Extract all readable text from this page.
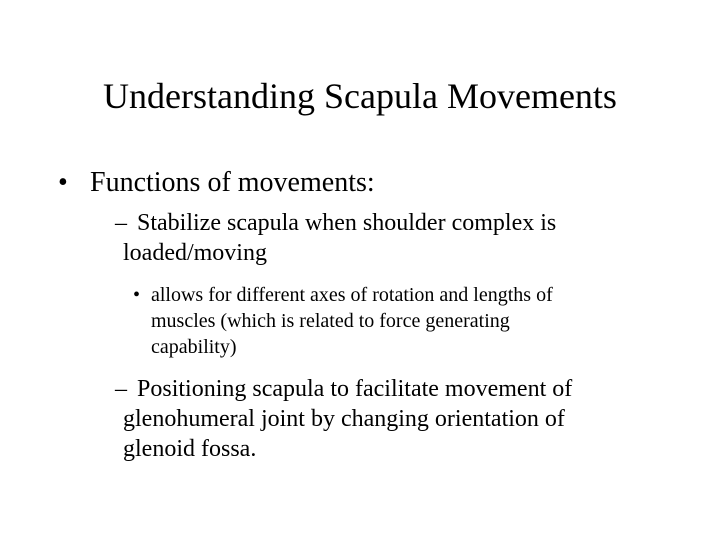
Understanding Scapula Movements
• Functions of movements:
– Stabilize scapula when shoulder complex is
loaded/moving
• allows for different axes of rotation and lengths of
muscles (which is related to force generating
capability)
– Positioning scapula to facilitate movement of
glenohumeral joint by changing orientation of
glenoid fossa.
